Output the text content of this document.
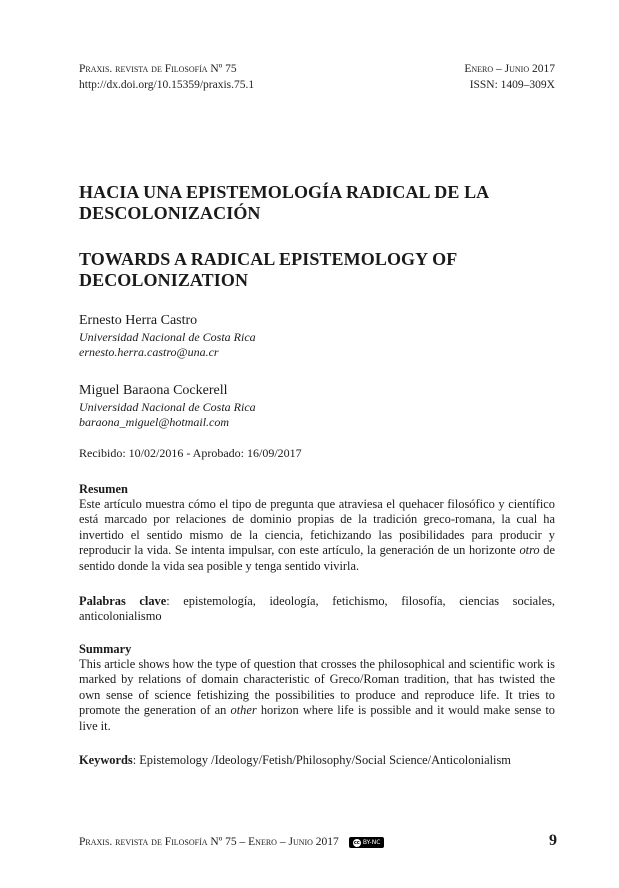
Praxis. revista de Filosofía Nº 75
http://dx.doi.org/10.15359/praxis.75.1
Enero – Junio 2017
ISSN: 1409–309X
HACIA UNA EPISTEMOLOGÍA RADICAL DE LA
DESCOLONIZACIÓN
TOWARDS A RADICAL EPISTEMOLOGY OF
DECOLONIZATION
Ernesto Herra Castro
Universidad Nacional de Costa Rica
ernesto.herra.castro@una.cr
Miguel Baraona Cockerell
Universidad Nacional de Costa Rica
baraona_miguel@hotmail.com
Recibido: 10/02/2016 - Aprobado: 16/09/2017
Resumen
Este artículo muestra cómo el tipo de pregunta que atraviesa el quehacer filosófico y científico está marcado por relaciones de dominio propias de la tradición greco-romana, la cual ha invertido el sentido mismo de la ciencia, fetichizando las posibilidades para producir y reproducir la vida. Se intenta impulsar, con este artículo, la generación de un horizonte otro de sentido donde la vida sea posible y tenga sentido vivirla.
Palabras clave: epistemología, ideología, fetichismo, filosofía, ciencias sociales, anticolonialismo
Summary
This article shows how the type of question that crosses the philosophical and scientific work is marked by relations of domain characteristic of Greco/Roman tradition, that has twisted the own sense of science fetishizing the possibilities to produce and reproduce life. It tries to promote the generation of an other horizon where life is possible and it would make sense to live it.
Keywords: Epistemology /Ideology/Fetish/Philosophy/Social Science/Anticolonialism
Praxis. revista de Filosofía Nº 75 – Enero – Junio 2017	cc BY-NC	9
